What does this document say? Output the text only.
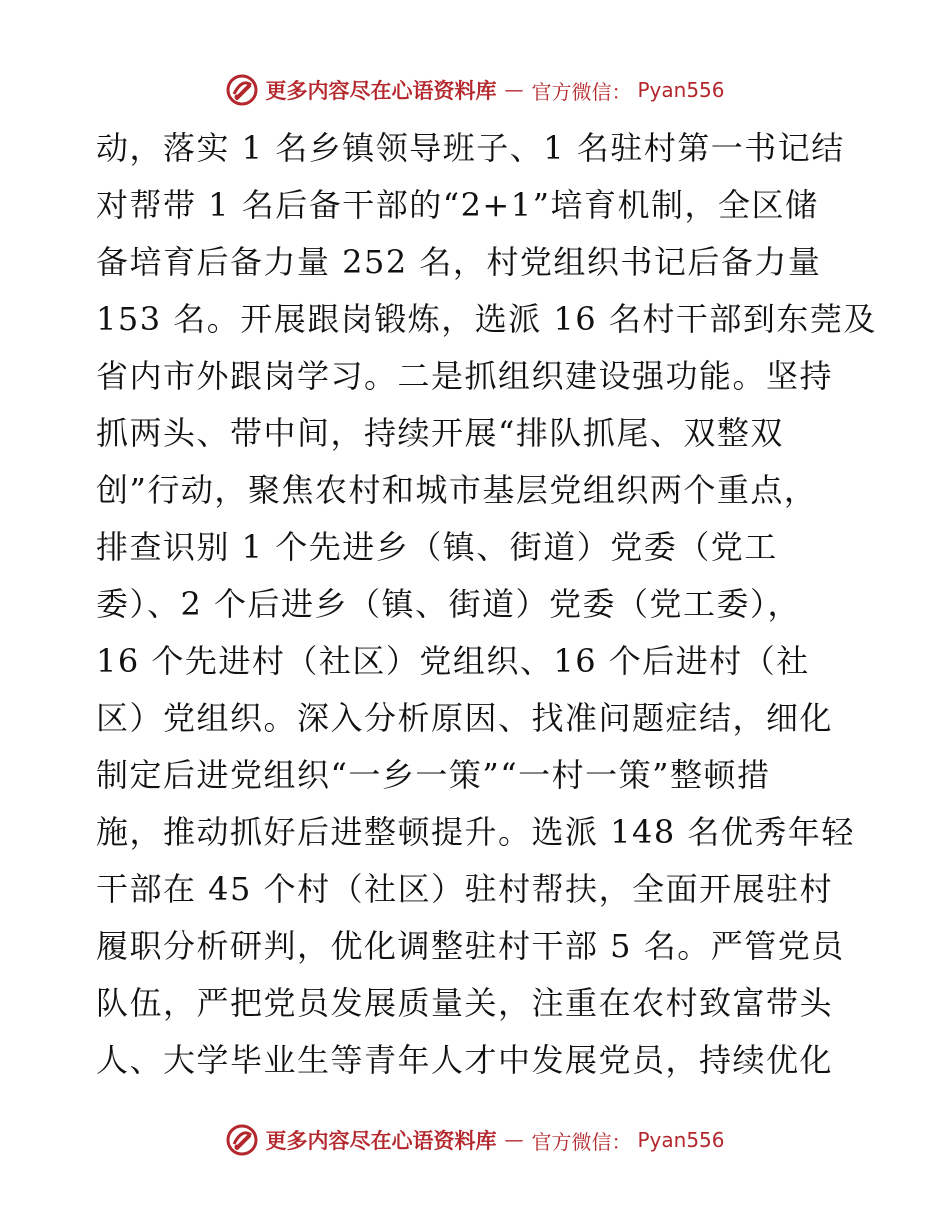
更多内容尽在心语资料库 — 官方微信： Pyan556
动，落实 1 名乡镇领导班子、1 名驻村第一书记结
对帮带 1 名后备干部的“2+1”培育机制，全区储
备培育后备力量 252 名，村党组织书记后备力量
153 名。开展跟岗锻炼，选派 16 名村干部到东莞及
省内市外跟岗学习。二是抓组织建设强功能。坚持
抓两头、带中间，持续开展“排队抓尾、双整双
创”行动，聚焦农村和城市基层党组织两个重点，
排查识别 1 个先进乡（镇、街道）党委（党工
委）、2 个后进乡（镇、街道）党委（党工委），
16 个先进村（社区）党组织、16 个后进村（社
区）党组织。深入分析原因、找准问题症结，细化
制定后进党组织“一乡一策”“一村一策”整顿措
施，推动抓好后进整顿提升。选派 148 名优秀年轻
干部在 45 个村（社区）驻村帮扶，全面开展驻村
履职分析研判，优化调整驻村干部 5 名。严管党员
队伍，严把党员发展质量关，注重在农村致富带头
人、大学毕业生等青年人才中发展党员，持续优化
更多内容尽在心语资料库 — 官方微信： Pyan556
